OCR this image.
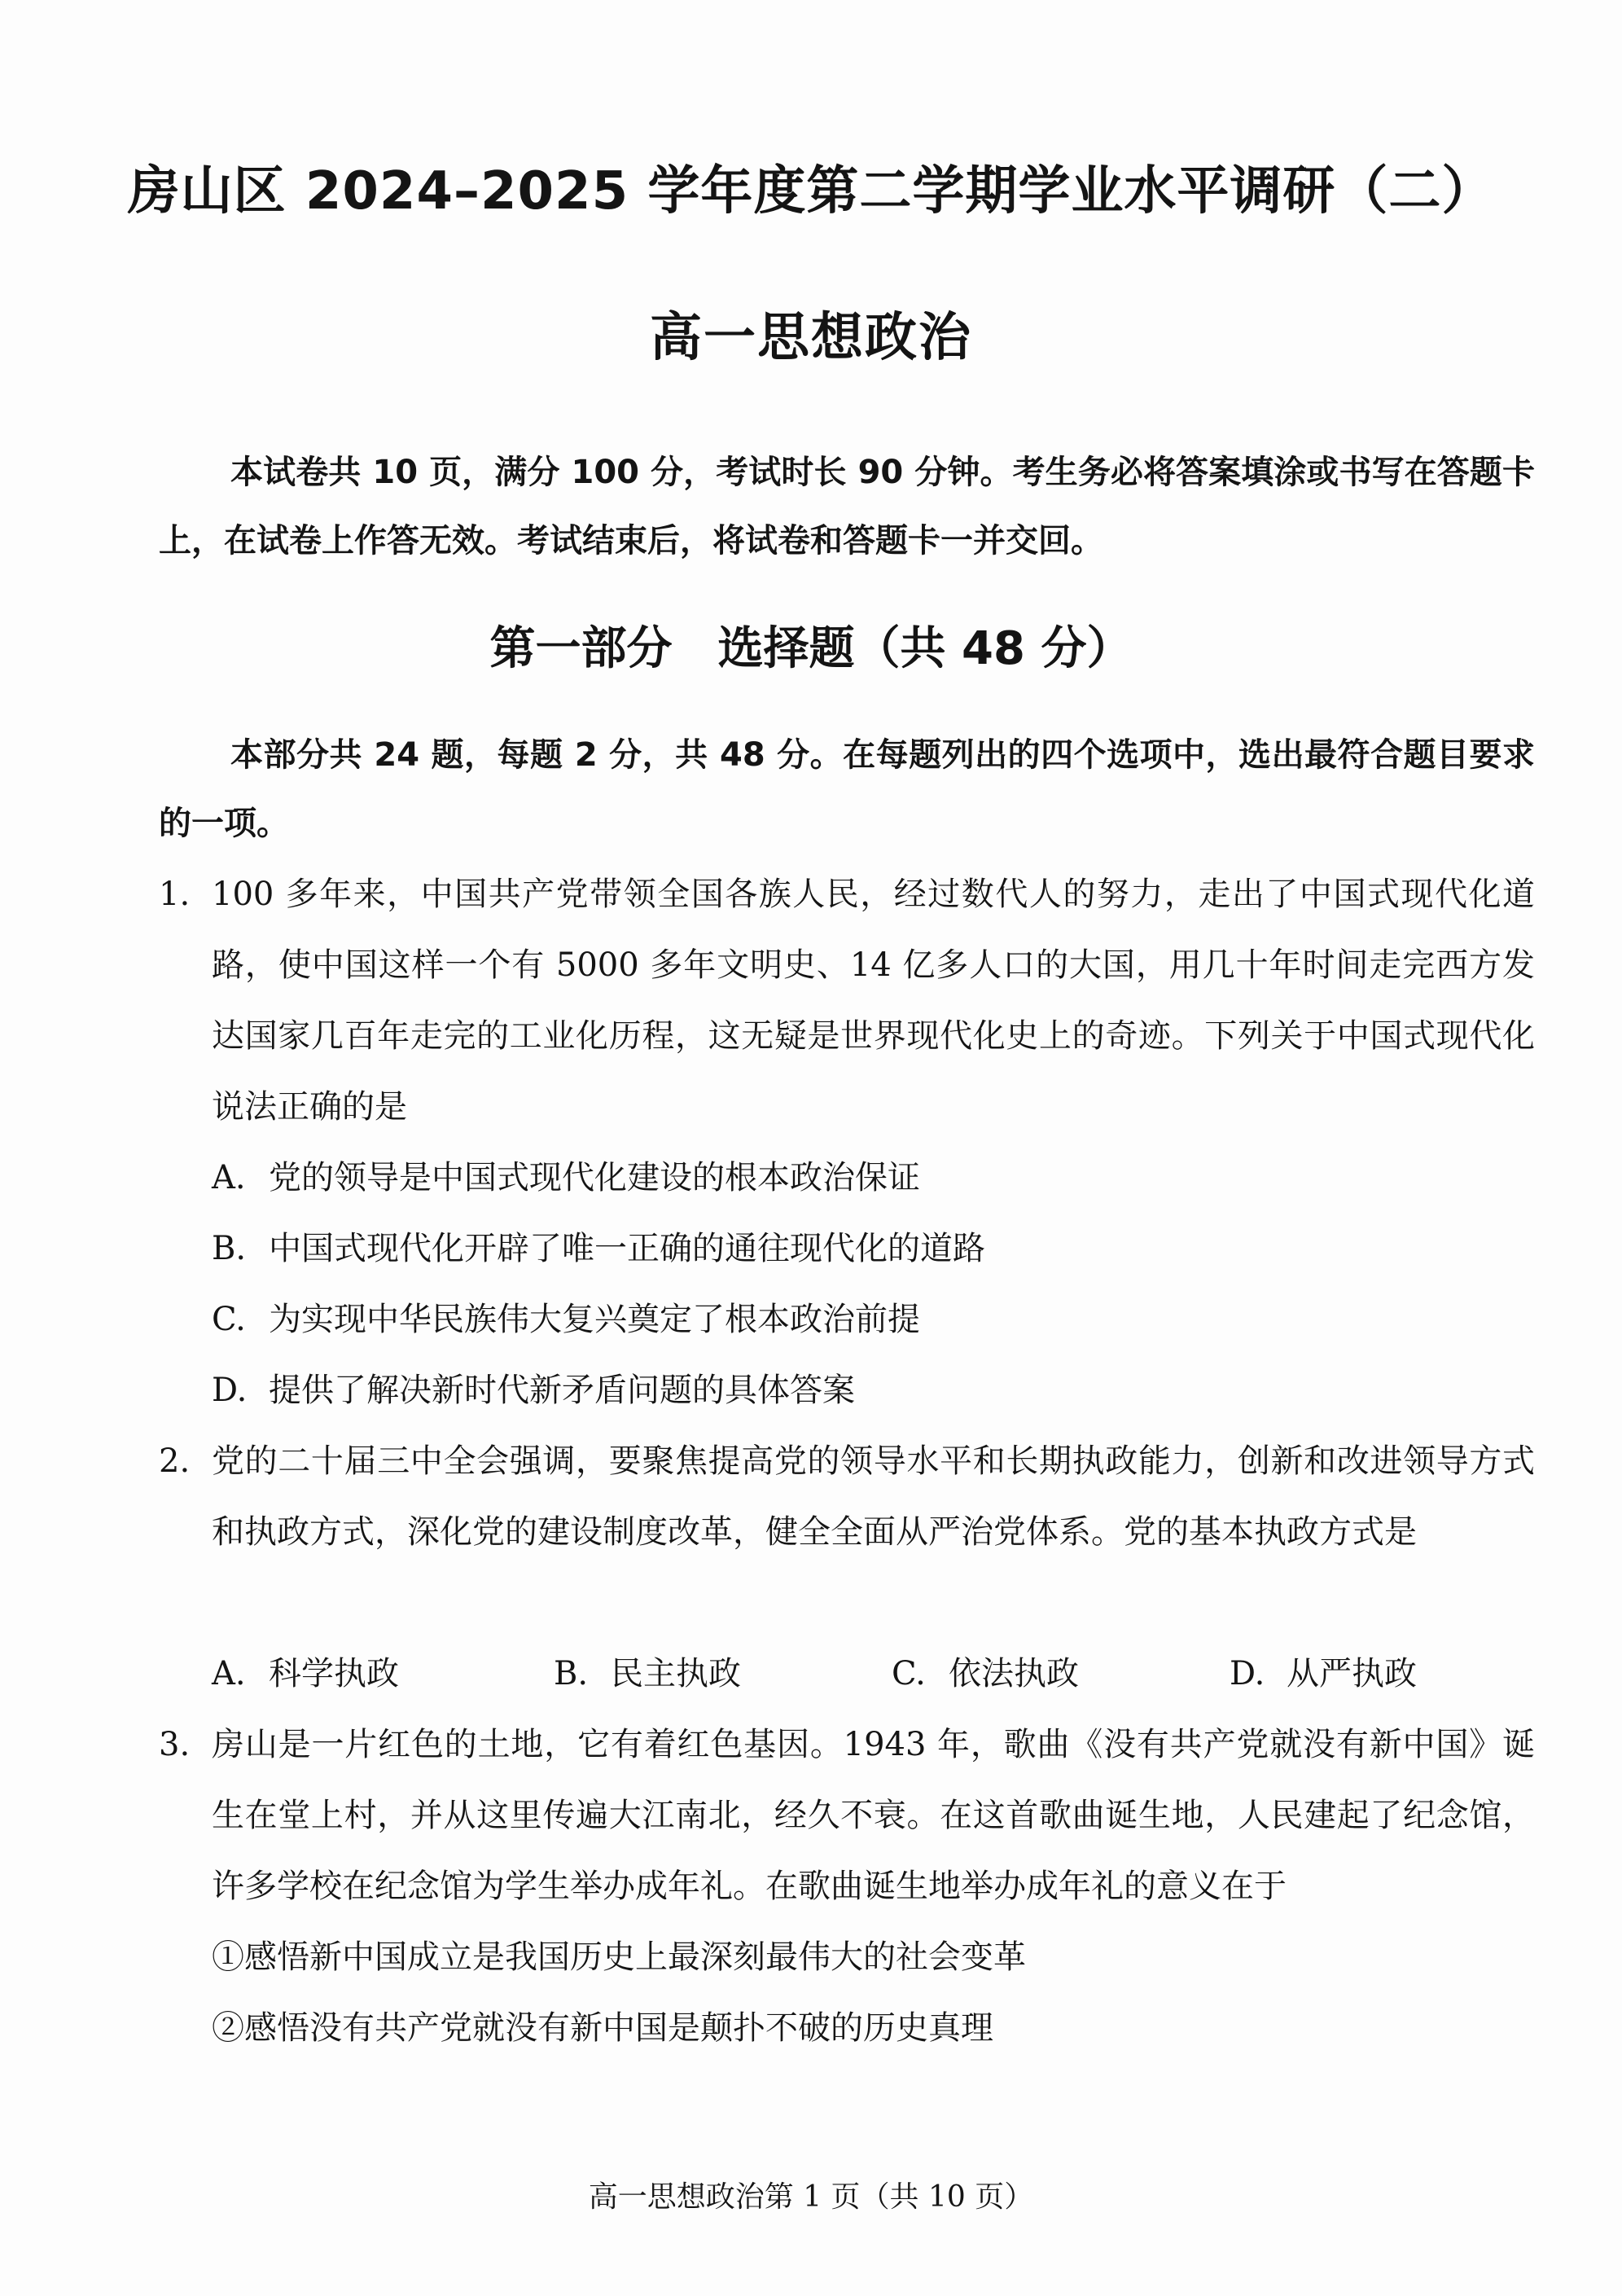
房山区 2024–2025 学年度第二学期学业水平调研（二）
高一思想政治
本试卷共 10 页，满分 100 分，考试时长 90 分钟。考生务必将答案填涂或书写在答题卡上，在试卷上作答无效。考试结束后，将试卷和答题卡一并交回。
第一部分　选择题（共 48 分）
本部分共 24 题，每题 2 分，共 48 分。在每题列出的四个选项中，选出最符合题目要求的一项。
1. 100 多年来，中国共产党带领全国各族人民，经过数代人的努力，走出了中国式现代化道路，使中国这样一个有 5000 多年文明史、14 亿多人口的大国，用几十年时间走完西方发达国家几百年走完的工业化历程，这无疑是世界现代化史上的奇迹。下列关于中国式现代化说法正确的是
A. 党的领导是中国式现代化建设的根本政治保证
B. 中国式现代化开辟了唯一正确的通往现代化的道路
C. 为实现中华民族伟大复兴奠定了根本政治前提
D. 提供了解决新时代新矛盾问题的具体答案
2. 党的二十届三中全会强调，要聚焦提高党的领导水平和长期执政能力，创新和改进领导方式和执政方式，深化党的建设制度改革，健全全面从严治党体系。党的基本执政方式是
A. 科学执政	B. 民主执政	C. 依法执政	D. 从严执政
3. 房山是一片红色的土地，它有着红色基因。1943 年，歌曲《没有共产党就没有新中国》诞生在堂上村，并从这里传遍大江南北，经久不衰。在这首歌曲诞生地，人民建起了纪念馆，许多学校在纪念馆为学生举办成年礼。在歌曲诞生地举办成年礼的意义在于
①感悟新中国成立是我国历史上最深刻最伟大的社会变革
②感悟没有共产党就没有新中国是颠扑不破的历史真理
高一思想政治第 1 页（共 10 页）
